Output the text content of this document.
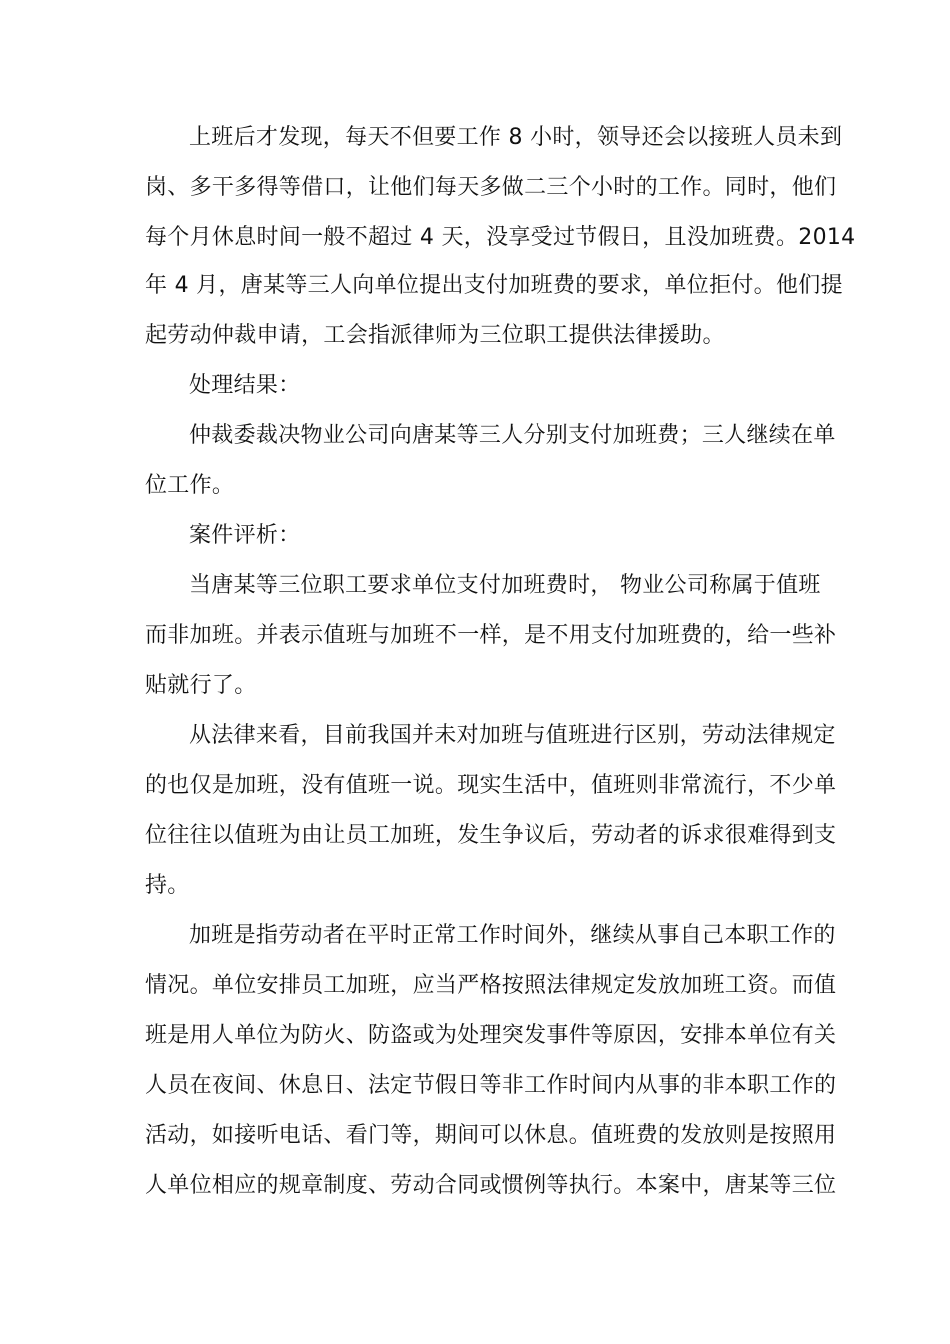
上班后才发现，每天不但要工作 8 小时，领导还会以接班人员未到
岗、多干多得等借口，让他们每天多做二三个小时的工作。同时，他们
每个月休息时间一般不超过 4 天，没享受过节假日，且没加班费。2014
年 4 月，唐某等三人向单位提出支付加班费的要求，单位拒付。他们提
起劳动仲裁申请，工会指派律师为三位职工提供法律援助。
处理结果：
仲裁委裁决物业公司向唐某等三人分别支付加班费；三人继续在单
位工作。
案件评析：
当唐某等三位职工要求单位支付加班费时， 物业公司称属于值班
而非加班。并表示值班与加班不一样，是不用支付加班费的，给一些补
贴就行了。
从法律来看，目前我国并未对加班与值班进行区别，劳动法律规定
的也仅是加班，没有值班一说。现实生活中，值班则非常流行，不少单
位往往以值班为由让员工加班，发生争议后，劳动者的诉求很难得到支
持。
加班是指劳动者在平时正常工作时间外，继续从事自己本职工作的
情况。单位安排员工加班，应当严格按照法律规定发放加班工资。而值
班是用人单位为防火、防盗或为处理突发事件等原因，安排本单位有关
人员在夜间、休息日、法定节假日等非工作时间内从事的非本职工作的
活动，如接听电话、看门等，期间可以休息。值班费的发放则是按照用
人单位相应的规章制度、劳动合同或惯例等执行。本案中，唐某等三位
